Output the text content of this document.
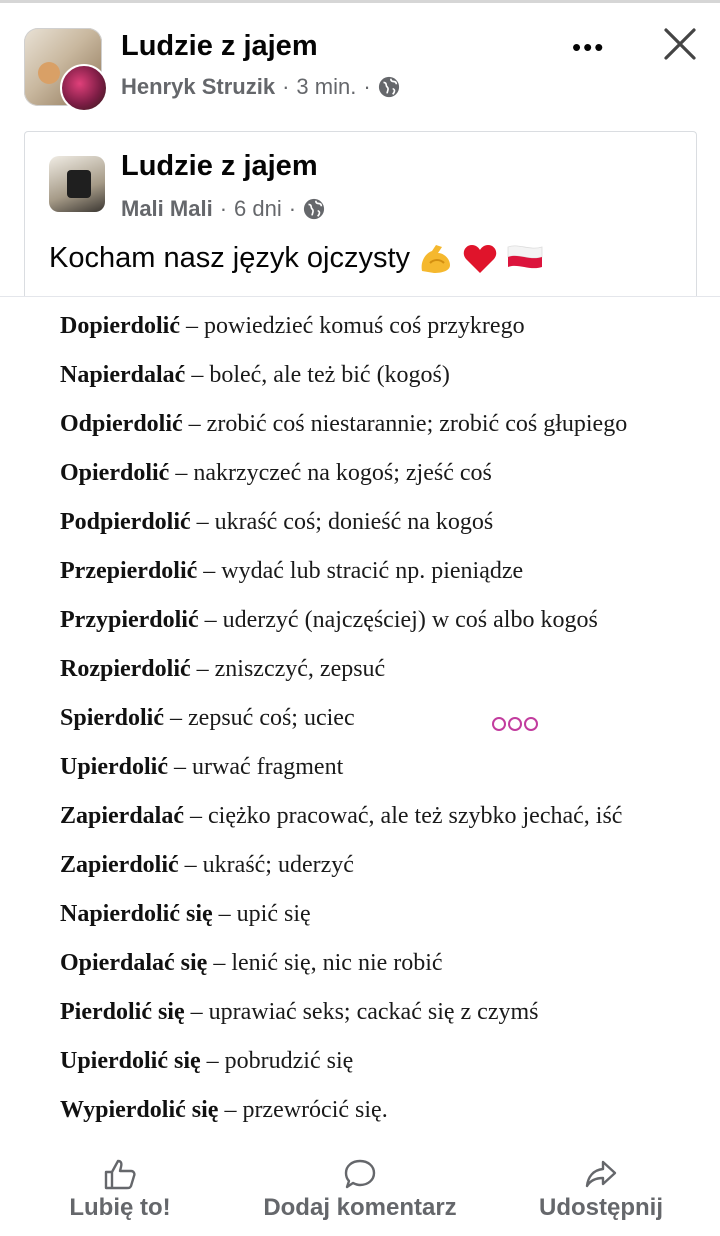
Ludzie z jajem
Henryk Struzik · 3 min. ·
•••
Ludzie z jajem
Mali Mali · 6 dni ·
Kocham nasz język ojczysty
Dopierdolić – powiedzieć komuś coś przykrego
Napierdalać – boleć, ale też bić (kogoś)
Odpierdolić – zrobić coś niestarannie; zrobić coś głupiego
Opierdolić – nakrzyczeć na kogoś; zjeść coś
Podpierdolić – ukraść coś; donieść na kogoś
Przepierdolić – wydać lub stracić np. pieniądze
Przypierdolić – uderzyć (najczęściej) w coś albo kogoś
Rozpierdolić – zniszczyć, zepsuć
Spierdolić – zepsuć coś; uciec
Upierdolić – urwać fragment
Zapierdalać – ciężko pracować, ale też szybko jechać, iść
Zapierdolić – ukraść; uderzyć
Napierdolić się – upić się
Opierdalać się – lenić się, nic nie robić
Pierdolić się – uprawiać seks; cackać się z czymś
Upierdolić się – pobrudzić się
Wypierdolić się – przewrócić się.
Lubię to!	Dodaj komentarz	Udostępnij
